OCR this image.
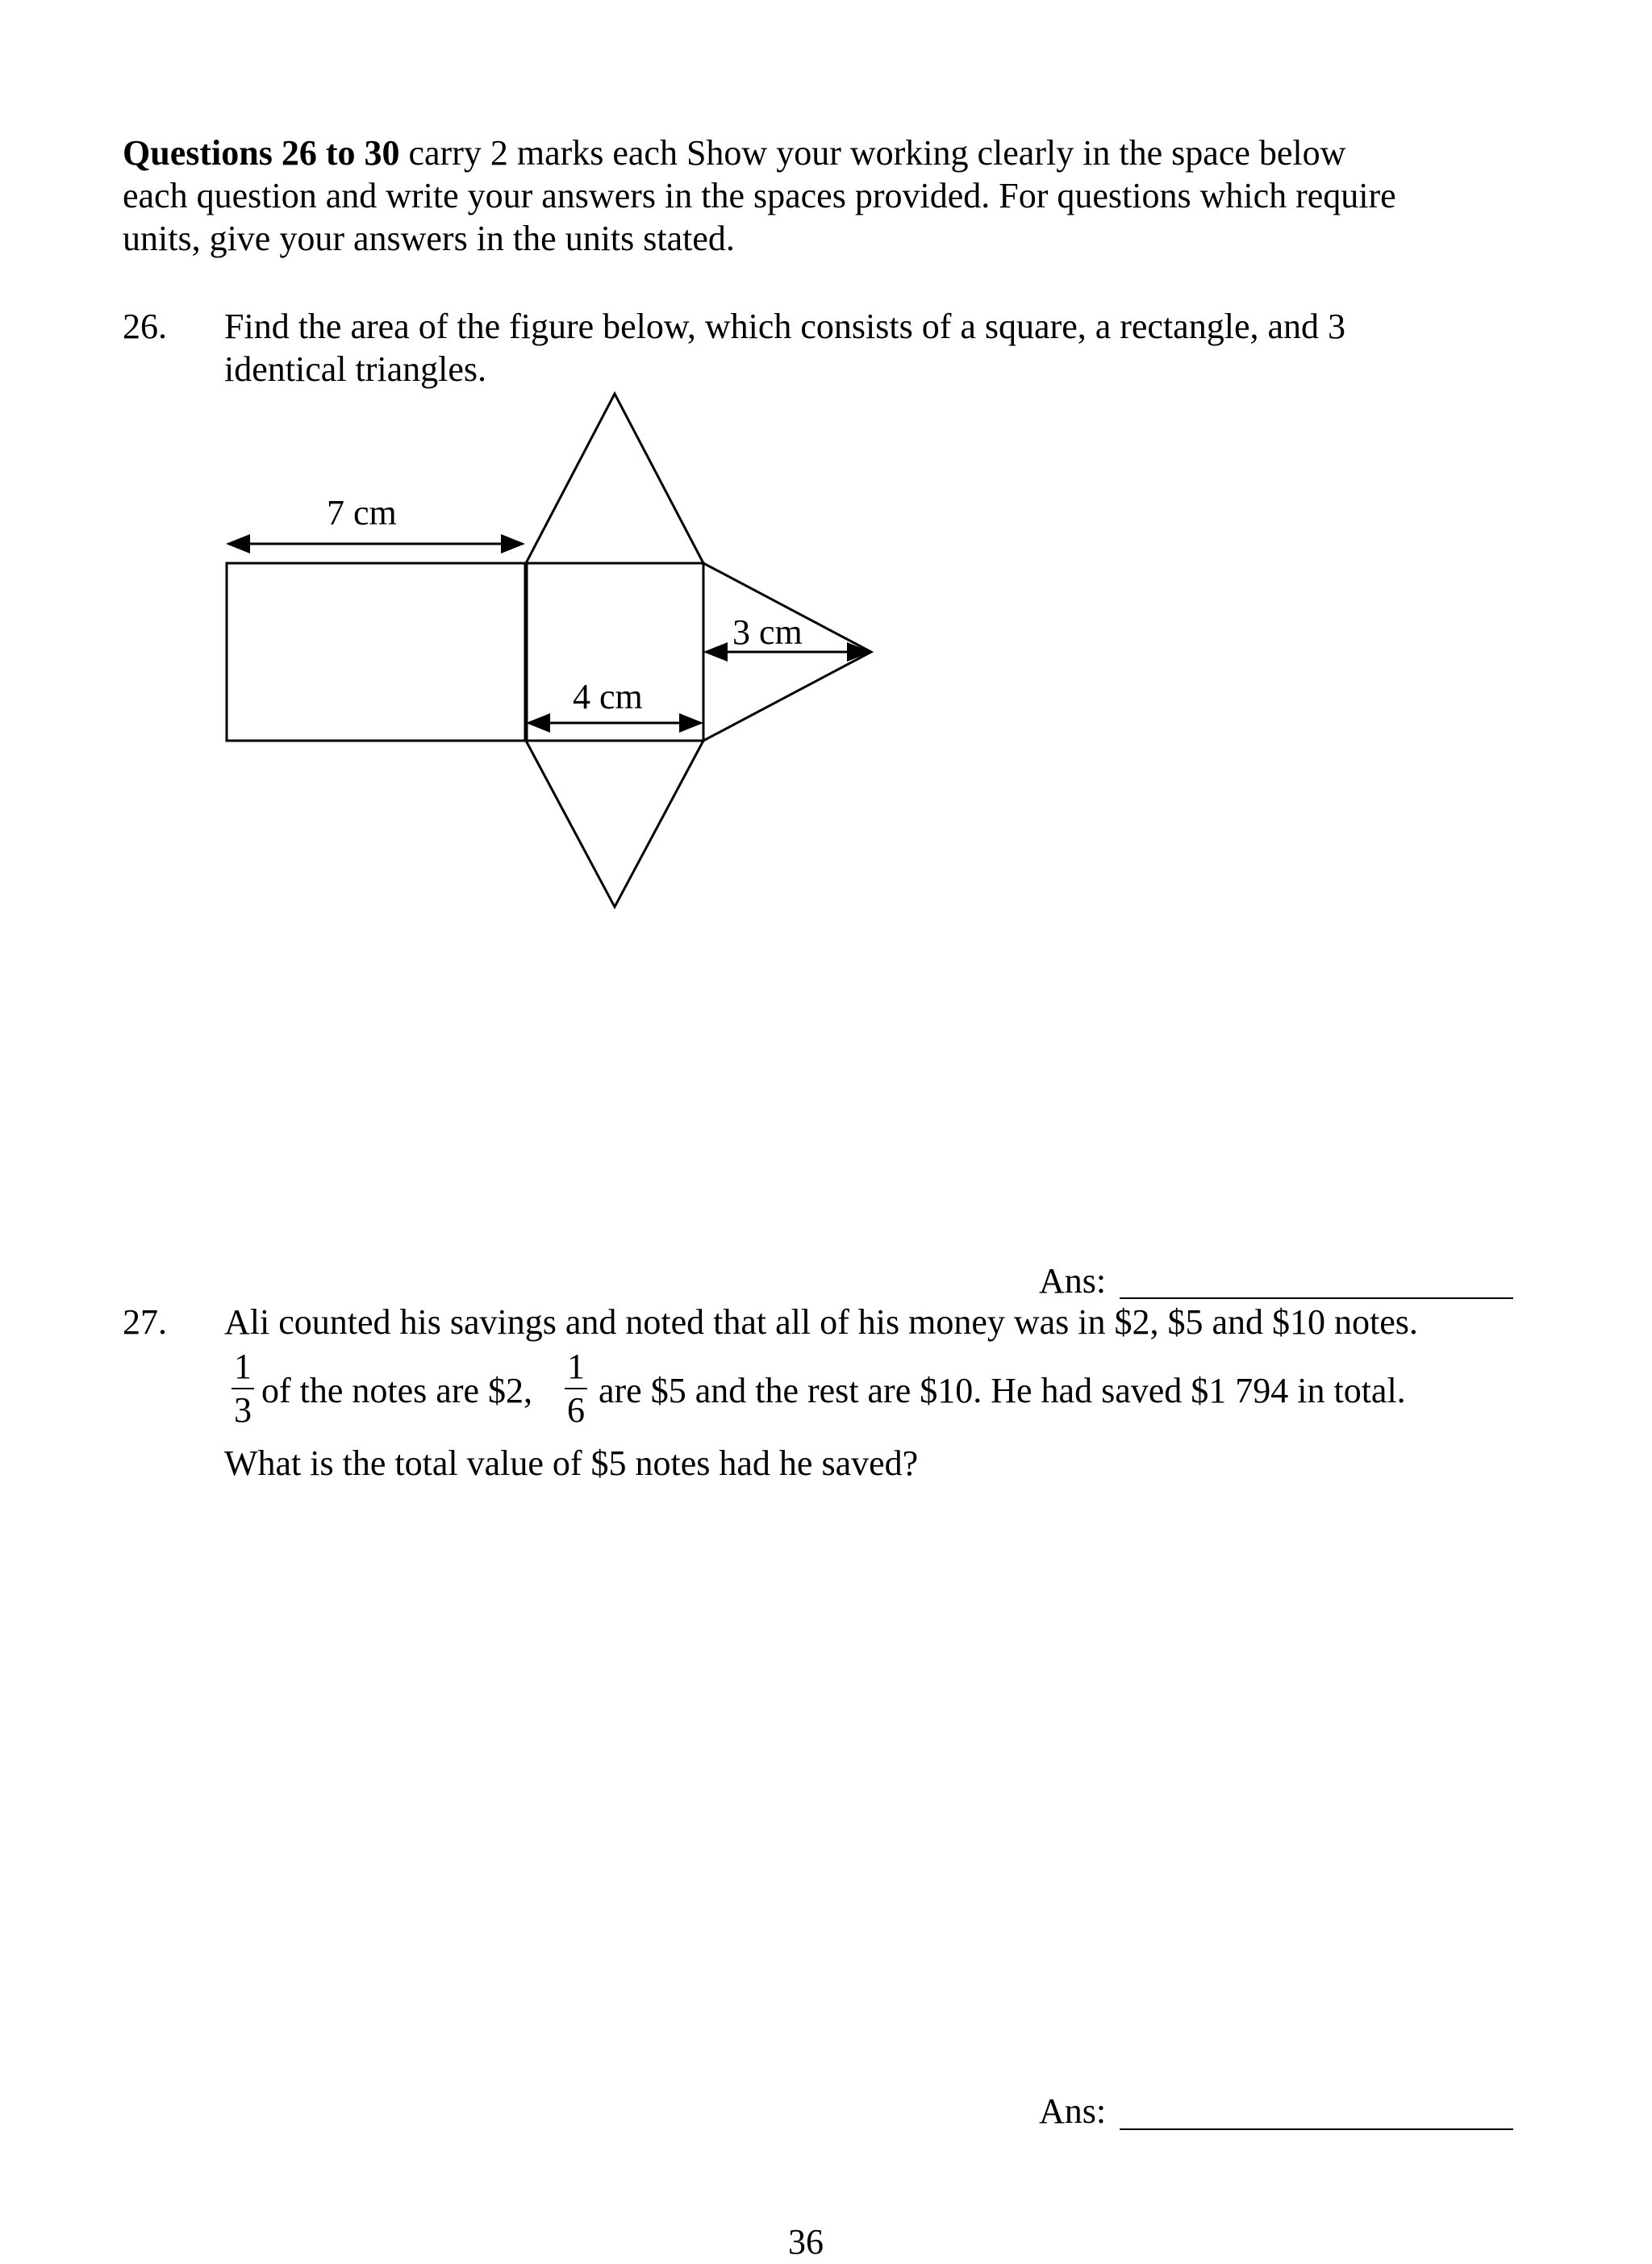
Questions 26 to 30 carry 2 marks each Show your working clearly in the space below
each question and write your answers in the spaces provided. For questions which require
units, give your answers in the units stated.
26. Find the area of the figure below, which consists of a square, a rectangle, and 3
identical triangles.
7 cm
4 cm
3 cm
Ans:
27. Ali counted his savings and noted that all of his money was in $2, $5 and $10 notes.
1
3 of the notes are $2,
1
6 are $5 and the rest are $10. He had saved $1 794 in total.
What is the total value of $5 notes had he saved?
Ans:
36
